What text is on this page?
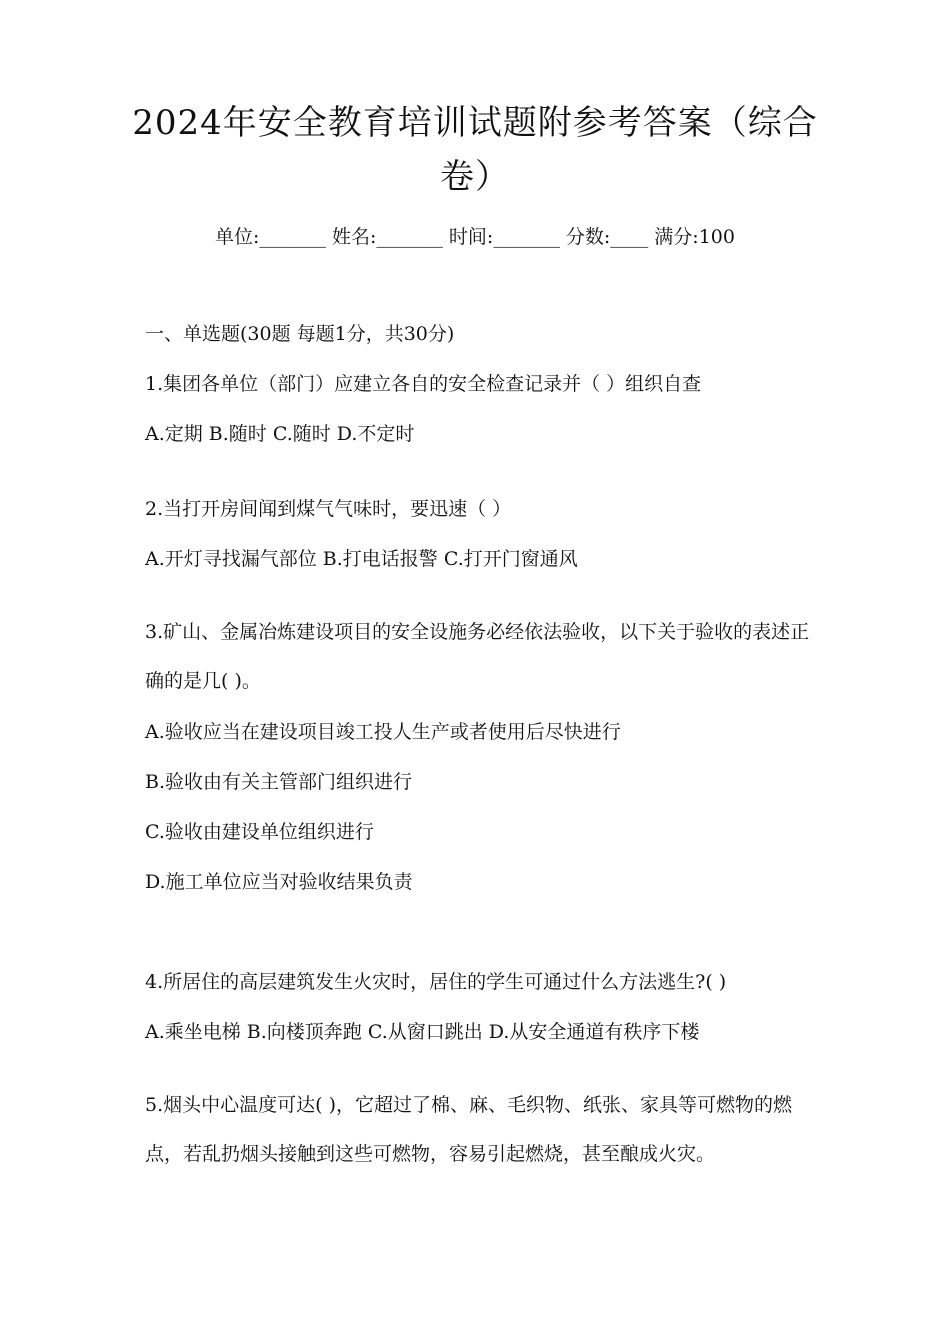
2024年安全教育培训试题附参考答案（综合卷）
单位:_______ 姓名:_______ 时间:_______ 分数:____ 满分:100
一、单选题(30题 每题1分，共30分)
1.集团各单位（部门）应建立各自的安全检查记录并（ ）组织自查
A.定期 B.随时 C.随时 D.不定时
2.当打开房间闻到煤气气味时，要迅速（ ）
A.开灯寻找漏气部位 B.打电话报警 C.打开门窗通风
3.矿山、金属冶炼建设项目的安全设施务必经依法验收，以下关于验收的表述正确的是几( )。
A.验收应当在建设项目竣工投人生产或者使用后尽快进行
B.验收由有关主管部门组织进行
C.验收由建设单位组织进行
D.施工单位应当对验收结果负责
4.所居住的高层建筑发生火灾时，居住的学生可通过什么方法逃生?( )
A.乘坐电梯 B.向楼顶奔跑 C.从窗口跳出 D.从安全通道有秩序下楼
5.烟头中心温度可达( )，它超过了棉、麻、毛织物、纸张、家具等可燃物的燃点，若乱扔烟头接触到这些可燃物，容易引起燃烧，甚至酿成火灾。
